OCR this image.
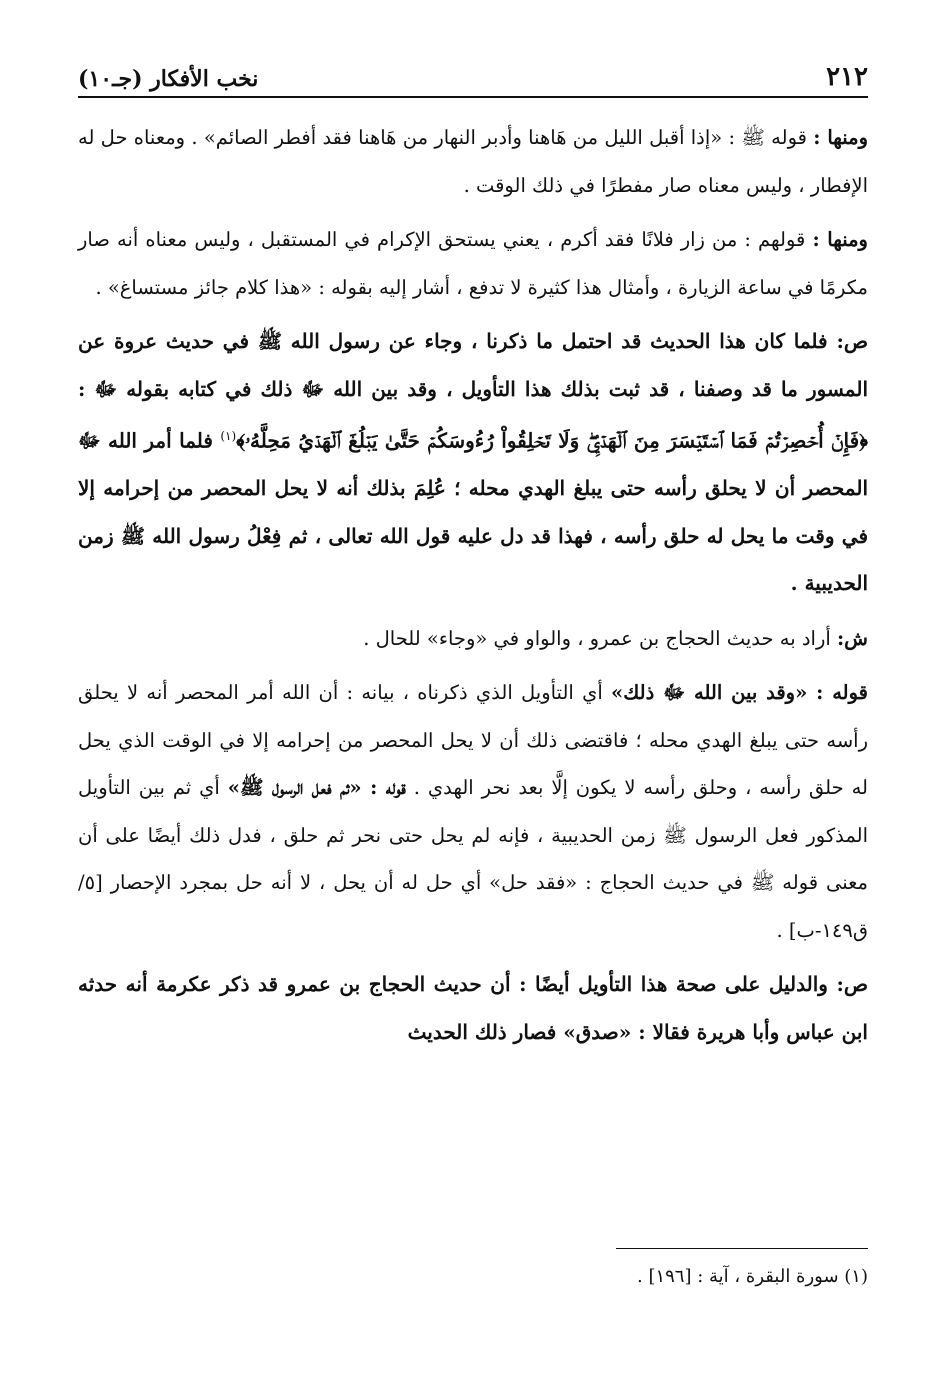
٢١٢
نخب الأفكار (جـ١٠)

ومنها : قوله ﷺ : «إذا أقبل الليل من هَاهنا وأدبر النهار من هَاهنا فقد أفطر الصائم» . ومعناه حل له الإفطار ، وليس معناه صار مفطرًا في ذلك الوقت .

ومنها : قولهم : من زار فلانًا فقد أكرم ، يعني يستحق الإكرام في المستقبل ، وليس معناه أنه صار مكرمًا في ساعة الزيارة ، وأمثال هذا كثيرة لا تدفع ، أشار إليه بقوله : «هذا كلام جائز مستساغ» .

ص: فلما كان هذا الحديث قد احتمل ما ذكرنا ، وجاء عن رسول الله ﷺ في حديث عروة عن المسور ما قد وصفنا ، قد ثبت بذلك هذا التأويل ، وقد بين الله ﷻ ذلك في كتابه بقوله ﷻ : ﴿فَإِنۡ أُحۡصِرۡتُمۡ فَمَا ٱسۡتَيۡسَرَ مِنَ ٱلۡهَدۡيِۖ وَلَا تَحۡلِقُواْ رُءُوسَكُمۡ حَتَّىٰ يَبۡلُغَ ٱلۡهَدۡيُ مَحِلَّهُۥ﴾$^{(١)}$ فلما أمر الله ﷻ المحصر أن لا يحلق رأسه حتى يبلغ الهدي محله ؛ عُلِمَ بذلك أنه لا يحل المحصر من إحرامه إلا في وقت ما يحل له حلق رأسه ، فهذا قد دل عليه قول الله تعالى ، ثم فِعْلُ رسول الله ﷺ زمن الحديبية .

ش: أراد به حديث الحجاج بن عمرو ، والواو في «وجاء» للحال .

قوله : «وقد بين الله ﷻ ذلك» أي التأويل الذي ذكرناه ، بيانه : أن الله أمر المحصر أنه لا يحلق رأسه حتى يبلغ الهدي محله ؛ فاقتضى ذلك أن لا يحل المحصر من إحرامه إلا في الوقت الذي يحل له حلق رأسه ، وحلق رأسه لا يكون إلَّا بعد نحر الهدي . قوله : «ثم فعل الرسول ﷺ» أي ثم بين التأويل المذكور فعل الرسول ﷺ زمن الحديبية ، فإنه لم يحل حتى نحر ثم حلق ، فدل ذلك أيضًا على أن معنى قوله ﷺ في حديث الحجاج : «فقد حل» أي حل له أن يحل ، لا أنه حل بمجرد الإحصار [٥/ ق١٤٩-ب] .

ص: والدليل على صحة هذا التأويل أيضًا : أن حديث الحجاج بن عمرو قد ذكر عكرمة أنه حدثه ابن عباس وأبا هريرة فقالا : «صدق» فصار ذلك الحديث

(١) سورة البقرة ، آية : [١٩٦] .
